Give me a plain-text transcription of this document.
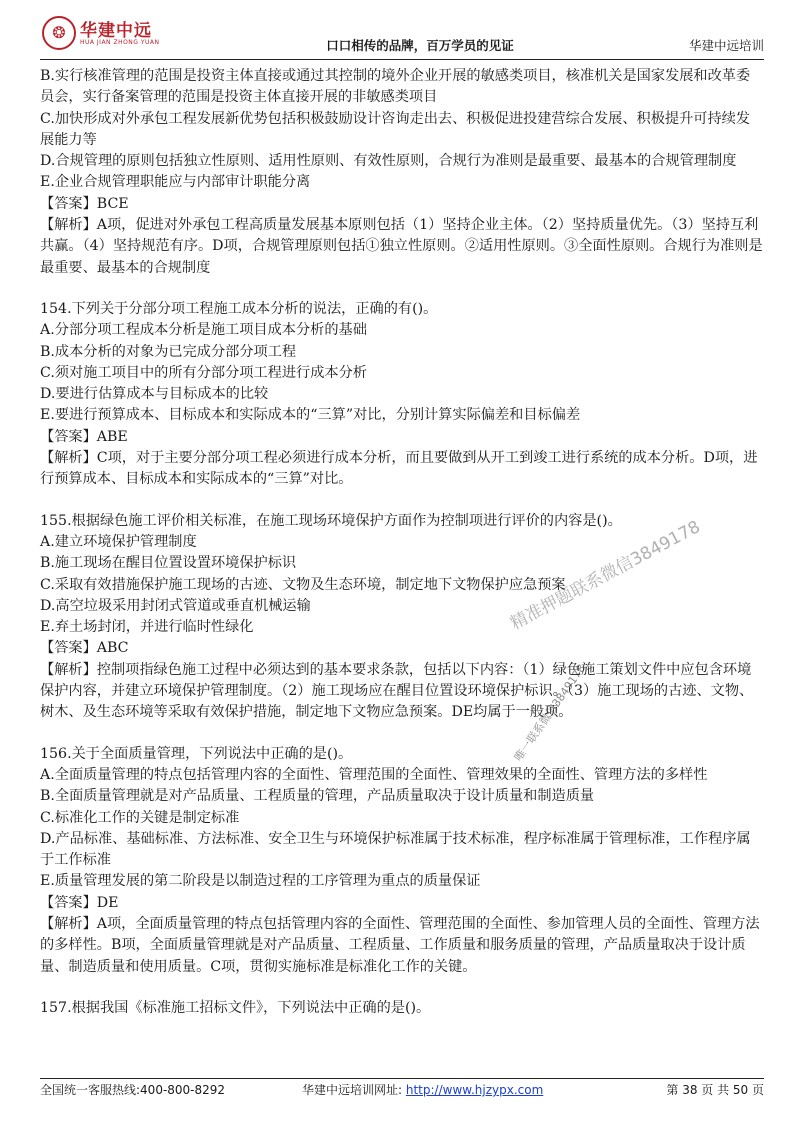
❂ 华建中远
HUA JIAN ZHONG YUAN	口口相传的品牌，百万学员的见证	华建中远培训

B.实行核准管理的范围是投资主体直接或通过其控制的境外企业开展的敏感类项目，核准机关是国家发展和改革委员会，实行备案管理的范围是投资主体直接开展的非敏感类项目

C.加快形成对外承包工程发展新优势包括积极鼓励设计咨询走出去、积极促进投建营综合发展、积极提升可持续发展能力等

D.合规管理的原则包括独立性原则、适用性原则、有效性原则，合规行为准则是最重要、最基本的合规管理制度

E.企业合规管理职能应与内部审计职能分离

【答案】BCE

【解析】A项，促进对外承包工程高质量发展基本原则包括（1）坚持企业主体。（2）坚持质量优先。（3）坚持互利共赢。（4）坚持规范有序。D项，合规管理原则包括①独立性原则。②适用性原则。③全面性原则。合规行为准则是最重要、最基本的合规制度

154.下列关于分部分项工程施工成本分析的说法，正确的有()。

A.分部分项工程成本分析是施工项目成本分析的基础

B.成本分析的对象为已完成分部分项工程

C.须对施工项目中的所有分部分项工程进行成本分析

D.要进行估算成本与目标成本的比较

E.要进行预算成本、目标成本和实际成本的“三算”对比，分别计算实际偏差和目标偏差

【答案】ABE

【解析】C项，对于主要分部分项工程必须进行成本分析，而且要做到从开工到竣工进行系统的成本分析。D项，进行预算成本、目标成本和实际成本的“三算”对比。

155.根据绿色施工评价相关标准，在施工现场环境保护方面作为控制项进行评价的内容是()。

A.建立环境保护管理制度

B.施工现场在醒目位置设置环境保护标识

C.采取有效措施保护施工现场的古迹、文物及生态环境，制定地下文物保护应急预案

D.高空垃圾采用封闭式管道或垂直机械运输

E.弃土场封闭，并进行临时性绿化

【答案】ABC

【解析】控制项指绿色施工过程中必须达到的基本要求条款，包括以下内容：（1）绿色施工策划文件中应包含环境保护内容，并建立环境保护管理制度。（2）施工现场应在醒目位置设环境保护标识。（3）施工现场的古迹、文物、树木、及生态环境等采取有效保护措施，制定地下文物应急预案。DE均属于一般项。

156.关于全面质量管理，下列说法中正确的是()。

A.全面质量管理的特点包括管理内容的全面性、管理范围的全面性、管理效果的全面性、管理方法的多样性

B.全面质量管理就是对产品质量、工程质量的管理，产品质量取决于设计质量和制造质量

C.标准化工作的关键是制定标准

D.产品标准、基础标准、方法标准、安全卫生与环境保护标准属于技术标准，程序标准属于管理标准，工作程序属于工作标准

E.质量管理发展的第二阶段是以制造过程的工序管理为重点的质量保证

【答案】DE

【解析】A项，全面质量管理的特点包括管理内容的全面性、管理范围的全面性、参加管理人员的全面性、管理方法的多样性。B项，全面质量管理就是对产品质量、工程质量、工作质量和服务质量的管理，产品质量取决于设计质量、制造质量和使用质量。C项，贯彻实施标准是标准化工作的关键。

157.根据我国《标准施工招标文件》，下列说法中正确的是()。

精准押题联系微信3849178
唯一联系微信3849178
全国统一客服热线:400-800-8292	华建中远培训网址: http://www.hjzypx.com	第 38 页 共 50 页
